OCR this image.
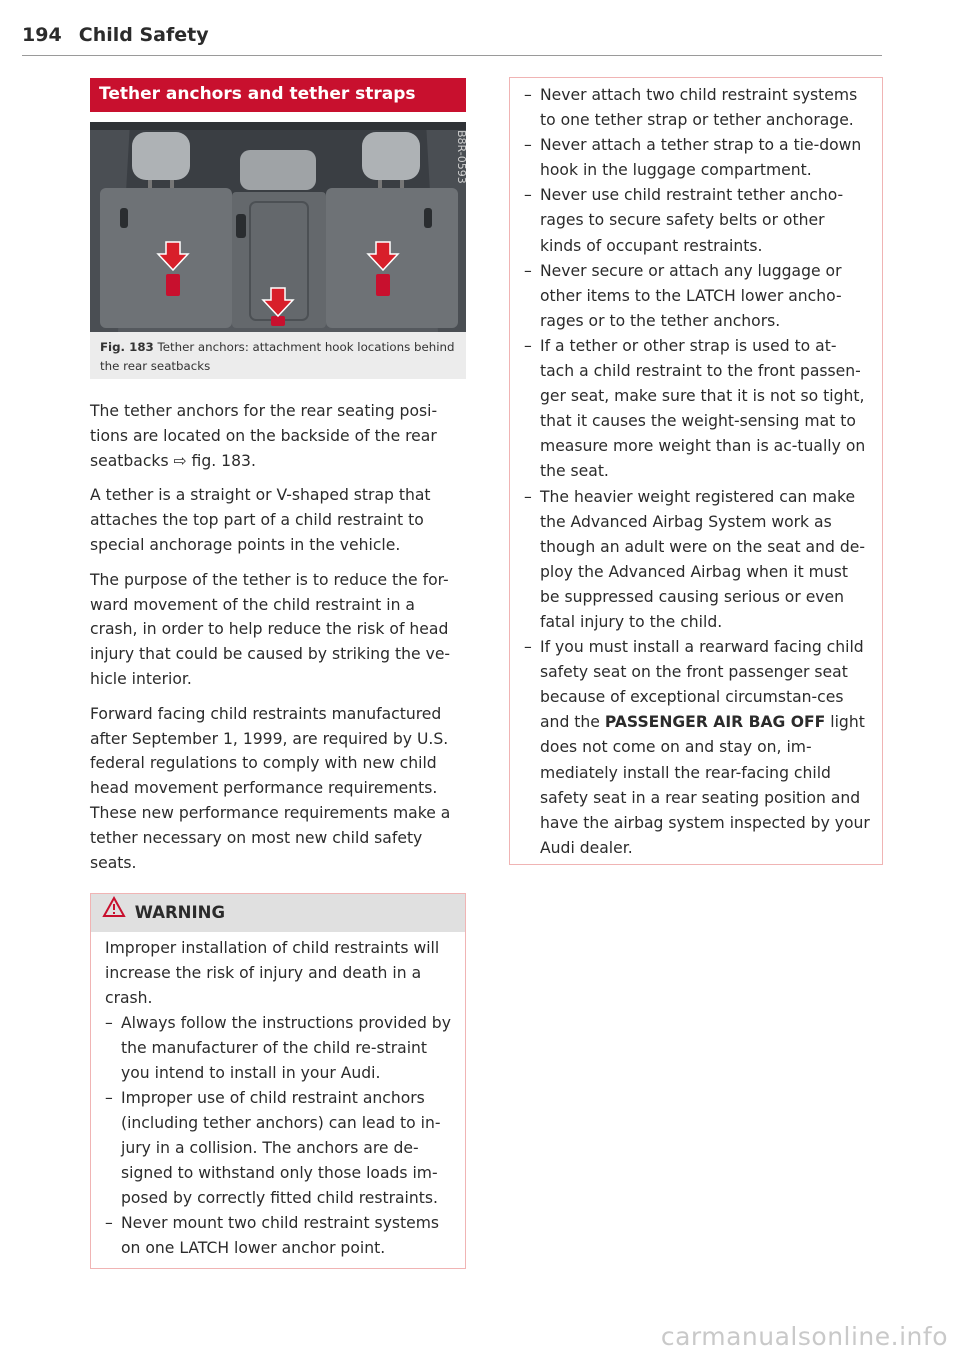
194 Child Safety
Tether anchors and tether straps
B8R-0593
Fig. 183 Tether anchors: attachment hook locations behind the rear seatbacks

The tether anchors for the rear seating posi-tions are located on the backside of the rear seatbacks ⇨ fig. 183.

A tether is a straight or V-shaped strap that attaches the top part of a child restraint to special anchorage points in the vehicle.

The purpose of the tether is to reduce the for-ward movement of the child restraint in a crash, in order to help reduce the risk of head injury that could be caused by striking the ve-hicle interior.

Forward facing child restraints manufactured after September 1, 1999, are required by U.S. federal regulations to comply with new child head movement performance requirements. These new performance requirements make a tether necessary on most new child safety seats.

WARNING

Improper installation of child restraints will increase the risk of injury and death in a crash.

– Always follow the instructions provided by the manufacturer of the child re-straint you intend to install in your Audi.
– Improper use of child restraint anchors (including tether anchors) can lead to in-jury in a collision. The anchors are de-signed to withstand only those loads im-posed by correctly fitted child restraints.
– Never mount two child restraint systems on one LATCH lower anchor point.
– Never attach two child restraint systems to one tether strap or tether anchorage.
– Never attach a tether strap to a tie-down hook in the luggage compartment.
– Never use child restraint tether ancho-rages to secure safety belts or other kinds of occupant restraints.
– Never secure or attach any luggage or other items to the LATCH lower ancho-rages or to the tether anchors.
– If a tether or other strap is used to at-tach a child restraint to the front passen-ger seat, make sure that it is not so tight, that it causes the weight-sensing mat to measure more weight than is ac-tually on the seat.
– The heavier weight registered can make the Advanced Airbag System work as though an adult were on the seat and de-ploy the Advanced Airbag when it must be suppressed causing serious or even fatal injury to the child.
– If you must install a rearward facing child safety seat on the front passenger seat because of exceptional circumstan-ces and the PASSENGER AIR BAG OFF light does not come on and stay on, im-mediately install the rear-facing child safety seat in a rear seating position and have the airbag system inspected by your Audi dealer.
carmanualsonline.info
